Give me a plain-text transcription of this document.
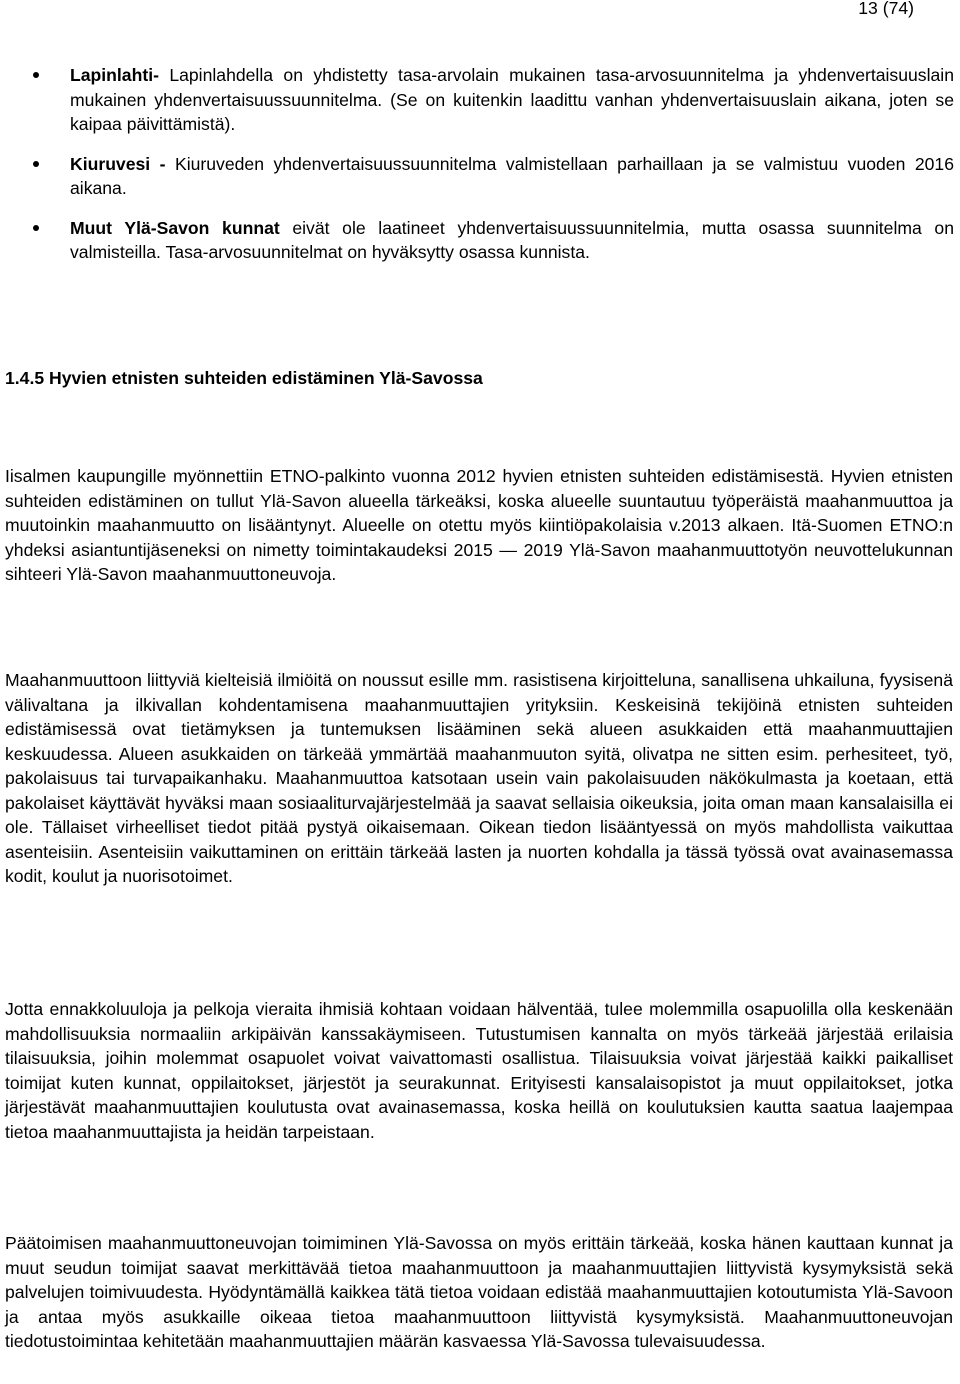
13 (74)
Lapinlahti- Lapinlahdella on yhdistetty tasa-arvolain mukainen tasa-arvosuunnitelma ja yhdenvertaisuuslain mukainen yhdenvertaisuussuunnitelma. (Se on kuitenkin laadittu vanhan yhdenvertaisuuslain aikana, joten se kaipaa päivittämistä).
Kiuruvesi - Kiuruveden yhdenvertaisuussuunnitelma valmistellaan parhaillaan ja se valmistuu vuoden 2016 aikana.
Muut Ylä-Savon kunnat eivät ole laatineet yhdenvertaisuussuunnitelmia, mutta osassa suunnitelma on valmisteilla. Tasa-arvosuunnitelmat on hyväksytty osassa kunnista.
1.4.5 Hyvien etnisten suhteiden edistäminen Ylä-Savossa

Iisalmen kaupungille myönnettiin ETNO-palkinto vuonna 2012 hyvien etnisten suhteiden edistämisestä. Hyvien etnisten suhteiden edistäminen on tullut Ylä-Savon alueella tärkeäksi, koska alueelle suuntautuu työperäistä maahanmuuttoa ja muutoinkin maahanmuutto on lisääntynyt. Alueelle on otettu myös kiintiöpakolaisia v.2013 alkaen. Itä-Suomen ETNO:n yhdeksi asiantuntijäseneksi on nimetty toimintakaudeksi 2015 — 2019 Ylä-Savon maahanmuuttotyön neuvottelukunnan sihteeri Ylä-Savon maahanmuuttoneuvoja.

Maahanmuuttoon liittyviä kielteisiä ilmiöitä on noussut esille mm. rasistisena kirjoitteluna, sanallisena uhkailuna, fyysisenä välivaltana ja ilkivallan kohdentamisena maahanmuuttajien yrityksiin. Keskeisinä tekijöinä etnisten suhteiden edistämisessä ovat tietämyksen ja tuntemuksen lisääminen sekä alueen asukkaiden että maahanmuuttajien keskuudessa. Alueen asukkaiden on tärkeää ymmärtää maahanmuuton syitä, olivatpa ne sitten esim. perhesiteet, työ, pakolaisuus tai turvapaikanhaku. Maahanmuuttoa katsotaan usein vain pakolaisuuden näkökulmasta ja koetaan, että pakolaiset käyttävät hyväksi maan sosiaaliturvajärjestelmää ja saavat sellaisia oikeuksia, joita oman maan kansalaisilla ei ole. Tällaiset virheelliset tiedot pitää pystyä oikaisemaan. Oikean tiedon lisääntyessä on myös mahdollista vaikuttaa asenteisiin. Asenteisiin vaikuttaminen on erittäin tärkeää lasten ja nuorten kohdalla ja tässä työssä ovat avainasemassa kodit, koulut ja nuorisotoimet.

Jotta ennakkoluuloja ja pelkoja vieraita ihmisiä kohtaan voidaan hälventää, tulee molemmilla osapuolilla olla keskenään mahdollisuuksia normaaliin arkipäivän kanssakäymiseen. Tutustumisen kannalta on myös tärkeää järjestää erilaisia tilaisuuksia, joihin molemmat osapuolet voivat vaivattomasti osallistua. Tilaisuuksia voivat järjestää kaikki paikalliset toimijat kuten kunnat, oppilaitokset, järjestöt ja seurakunnat. Erityisesti kansalaisopistot ja muut oppilaitokset, jotka järjestävät maahanmuuttajien koulutusta ovat avainasemassa, koska heillä on koulutuksien kautta saatua laajempaa tietoa maahanmuuttajista ja heidän tarpeistaan.

Päätoimisen maahanmuuttoneuvojan toimiminen Ylä-Savossa on myös erittäin tärkeää, koska hänen kauttaan kunnat ja muut seudun toimijat saavat merkittävää tietoa maahanmuuttoon ja maahanmuuttajien liittyvistä kysymyksistä sekä palvelujen toimivuudesta. Hyödyntämällä kaikkea tätä tietoa voidaan edistää maahanmuuttajien kotoutumista Ylä-Savoon ja antaa myös asukkaille oikeaa tietoa maahanmuuttoon liittyvistä kysymyksistä. Maahanmuuttoneuvojan tiedotustoimintaa kehitetään maahanmuuttajien määrän kasvaessa Ylä-Savossa tulevaisuudessa.
